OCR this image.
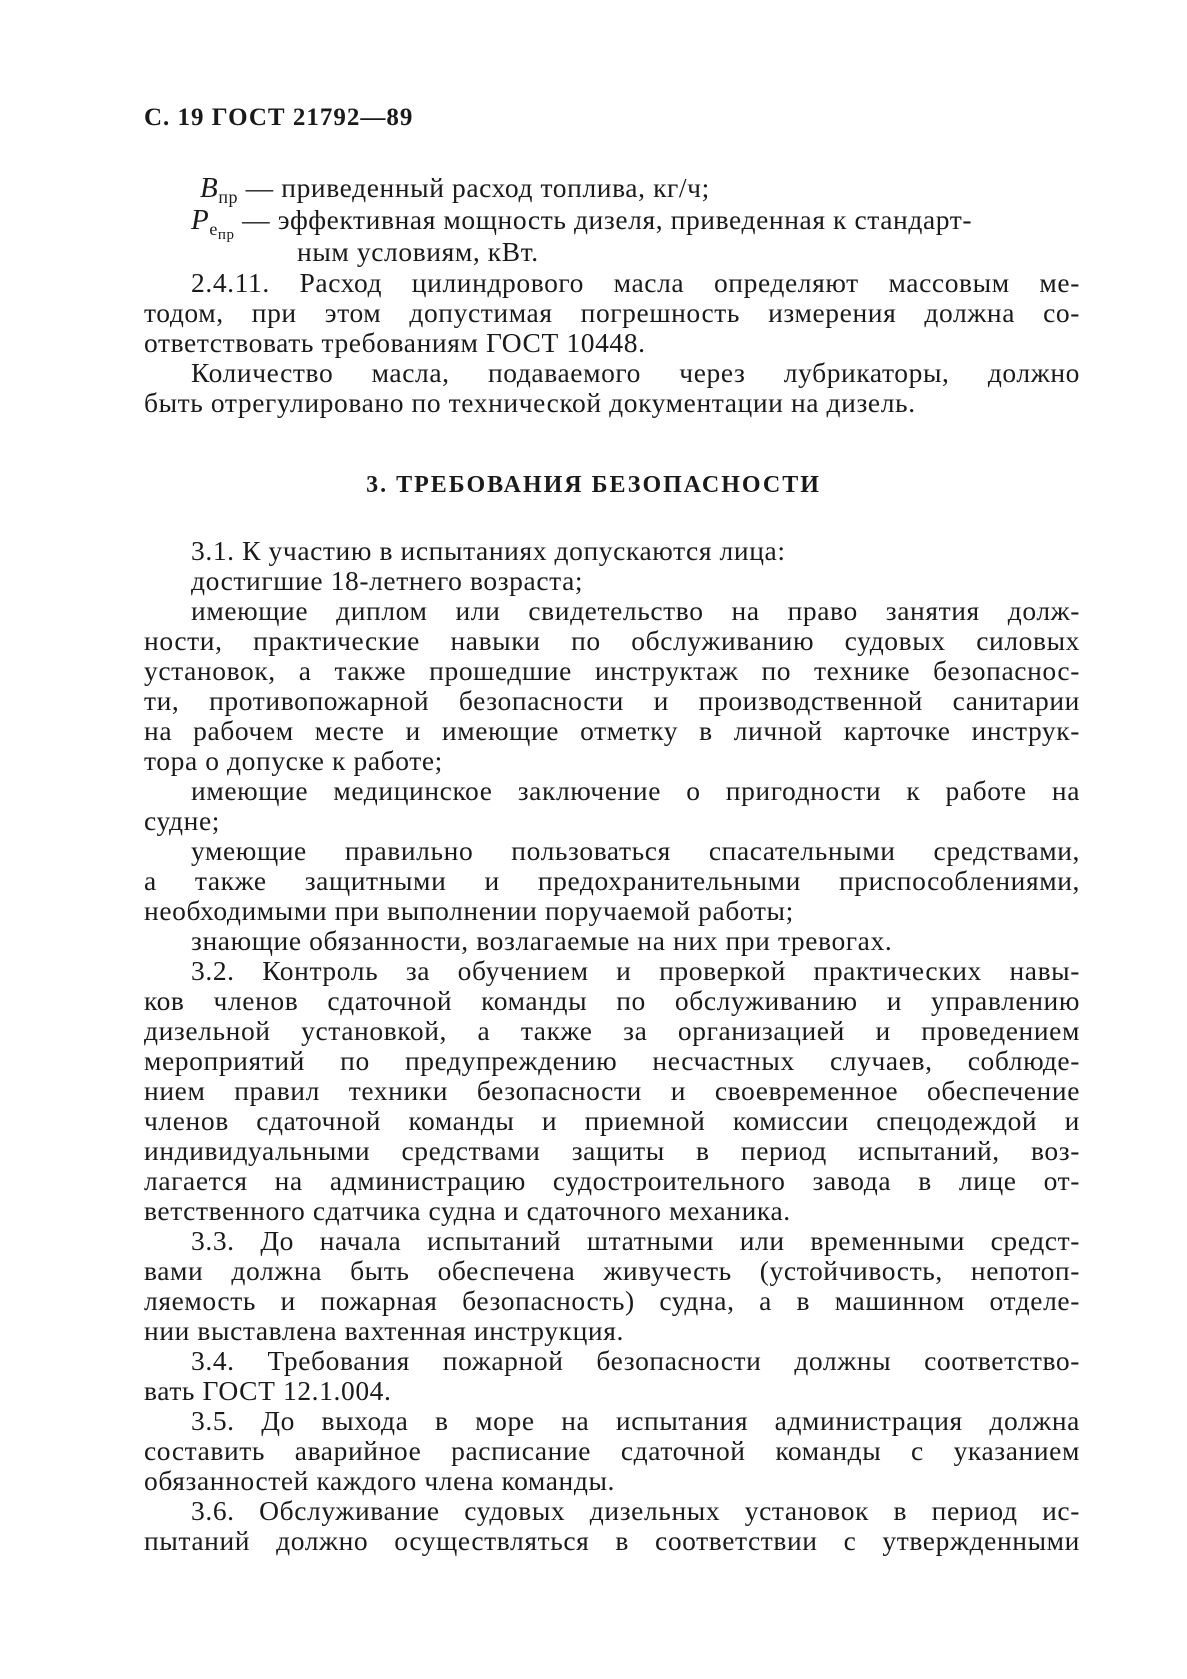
С. 19 ГОСТ 21792—89
$B_{пр}$ — приведенный расход топлива, кг/ч;
$P_{eпр}$ — эффективная мощность дизеля, приведенная к стандарт-
ным условиям, кВт.
2.4.11. Расход цилиндрового масла определяют массовым ме-
тодом, при этом допустимая погрешность измерения должна со-
ответствовать требованиям ГОСТ 10448.
Количество масла, подаваемого через лубрикаторы, должно
быть отрегулировано по технической документации на дизель.
3. ТРЕБОВАНИЯ БЕЗОПАСНОСТИ
3.1. К участию в испытаниях допускаются лица:
достигшие 18-летнего возраста;
имеющие диплом или свидетельство на право занятия долж-
ности, практические навыки по обслуживанию судовых силовых
установок, а также прошедшие инструктаж по технике безопаснос-
ти, противопожарной безопасности и производственной санитарии
на рабочем месте и имеющие отметку в личной карточке инструк-
тора о допуске к работе;
имеющие медицинское заключение о пригодности к работе на
судне;
умеющие правильно пользоваться спасательными средствами,
а также защитными и предохранительными приспособлениями,
необходимыми при выполнении поручаемой работы;
знающие обязанности, возлагаемые на них при тревогах.
3.2. Контроль за обучением и проверкой практических навы-
ков членов сдаточной команды по обслуживанию и управлению
дизельной установкой, а также за организацией и проведением
мероприятий по предупреждению несчастных случаев, соблюде-
нием правил техники безопасности и своевременное обеспечение
членов сдаточной команды и приемной комиссии спецодеждой и
индивидуальными средствами защиты в период испытаний, воз-
лагается на администрацию судостроительного завода в лице от-
ветственного сдатчика судна и сдаточного механика.
3.3. До начала испытаний штатными или временными средст-
вами должна быть обеспечена живучесть (устойчивость, непотоп-
ляемость и пожарная безопасность) судна, а в машинном отделе-
нии выставлена вахтенная инструкция.
3.4. Требования пожарной безопасности должны соответство-
вать ГОСТ 12.1.004.
3.5. До выхода в море на испытания администрация должна
составить аварийное расписание сдаточной команды с указанием
обязанностей каждого члена команды.
3.6. Обслуживание судовых дизельных установок в период ис-
пытаний должно осуществляться в соответствии с утвержденными
